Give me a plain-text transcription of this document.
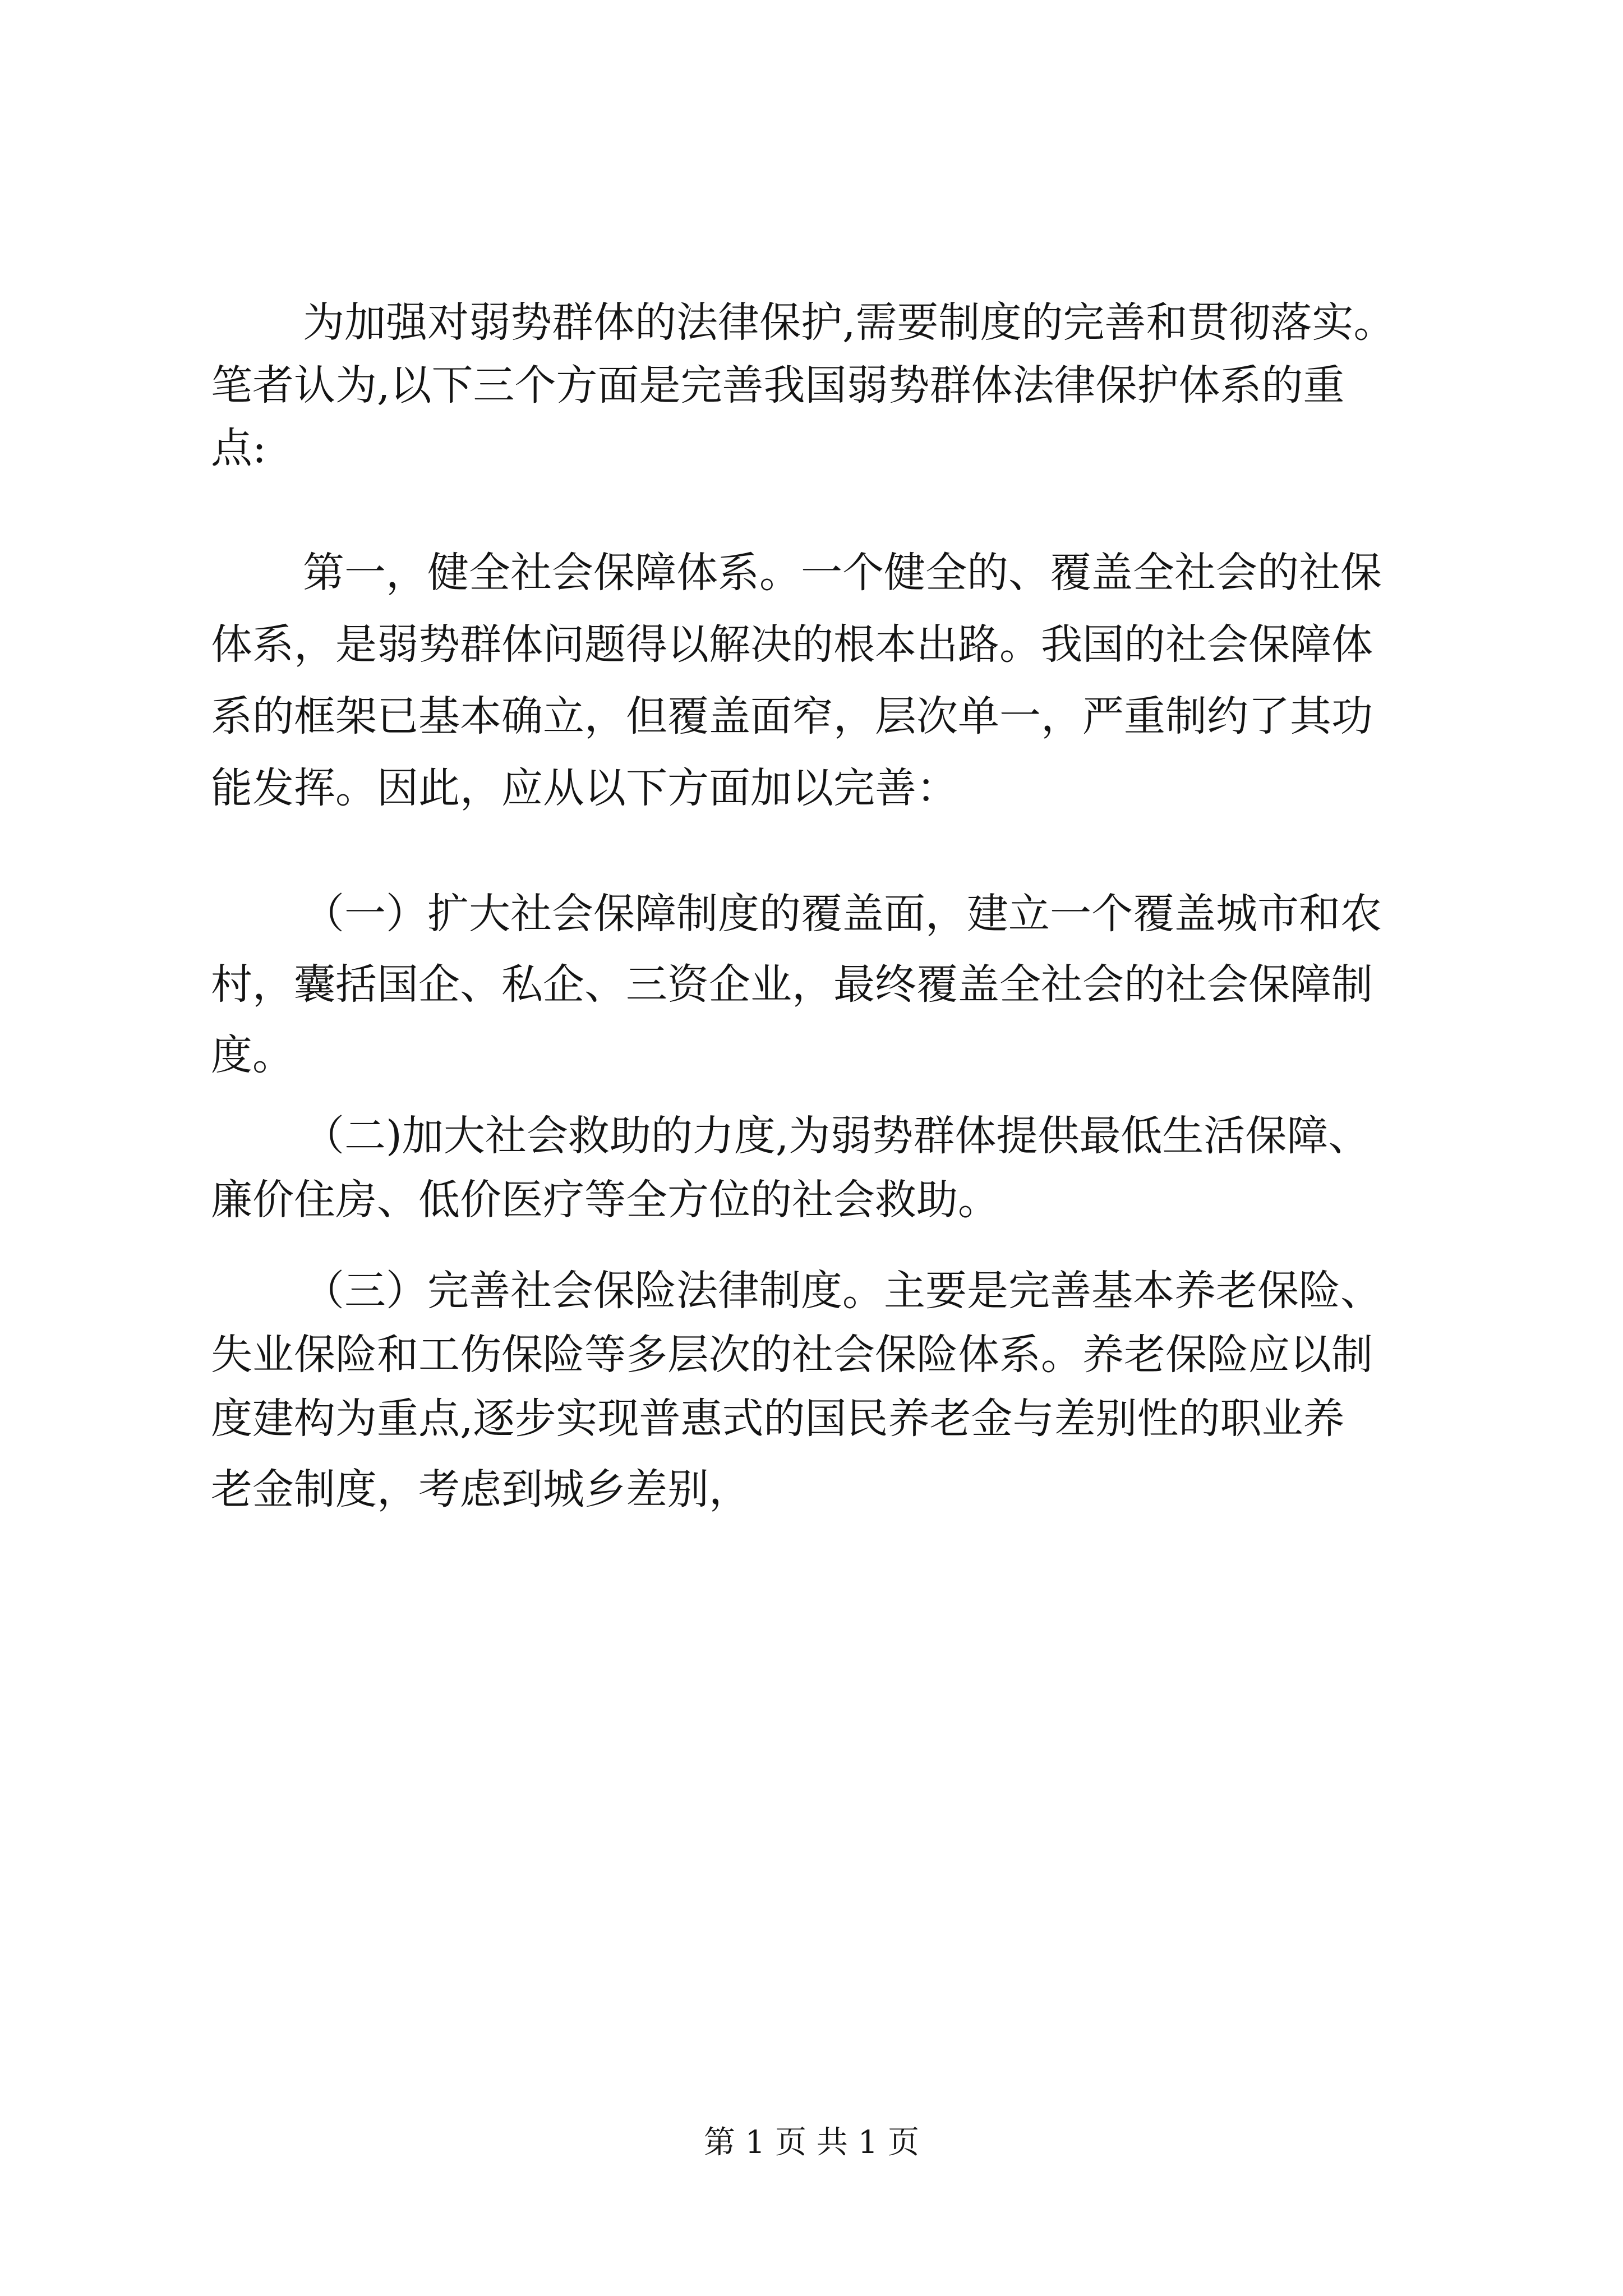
为加强对弱势群体的法律保护,需要制度的完善和贯彻落实。
笔者认为,以下三个方面是完善我国弱势群体法律保护体系的重
点:
第一，健全社会保障体系。一个健全的、覆盖全社会的社保
体系，是弱势群体问题得以解决的根本出路。我国的社会保障体
系的框架已基本确立，但覆盖面窄，层次单一，严重制约了其功
能发挥。因此，应从以下方面加以完善：
（一）扩大社会保障制度的覆盖面，建立一个覆盖城市和农
村，囊括国企、私企、三资企业，最终覆盖全社会的社会保障制
度。
（二)加大社会救助的力度,为弱势群体提供最低生活保障、
廉价住房、低价医疗等全方位的社会救助。
（三）完善社会保险法律制度。主要是完善基本养老保险、
失业保险和工伤保险等多层次的社会保险体系。养老保险应以制
度建构为重点,逐步实现普惠式的国民养老金与差别性的职业养
老金制度，考虑到城乡差别，
第 1 页 共 1 页
